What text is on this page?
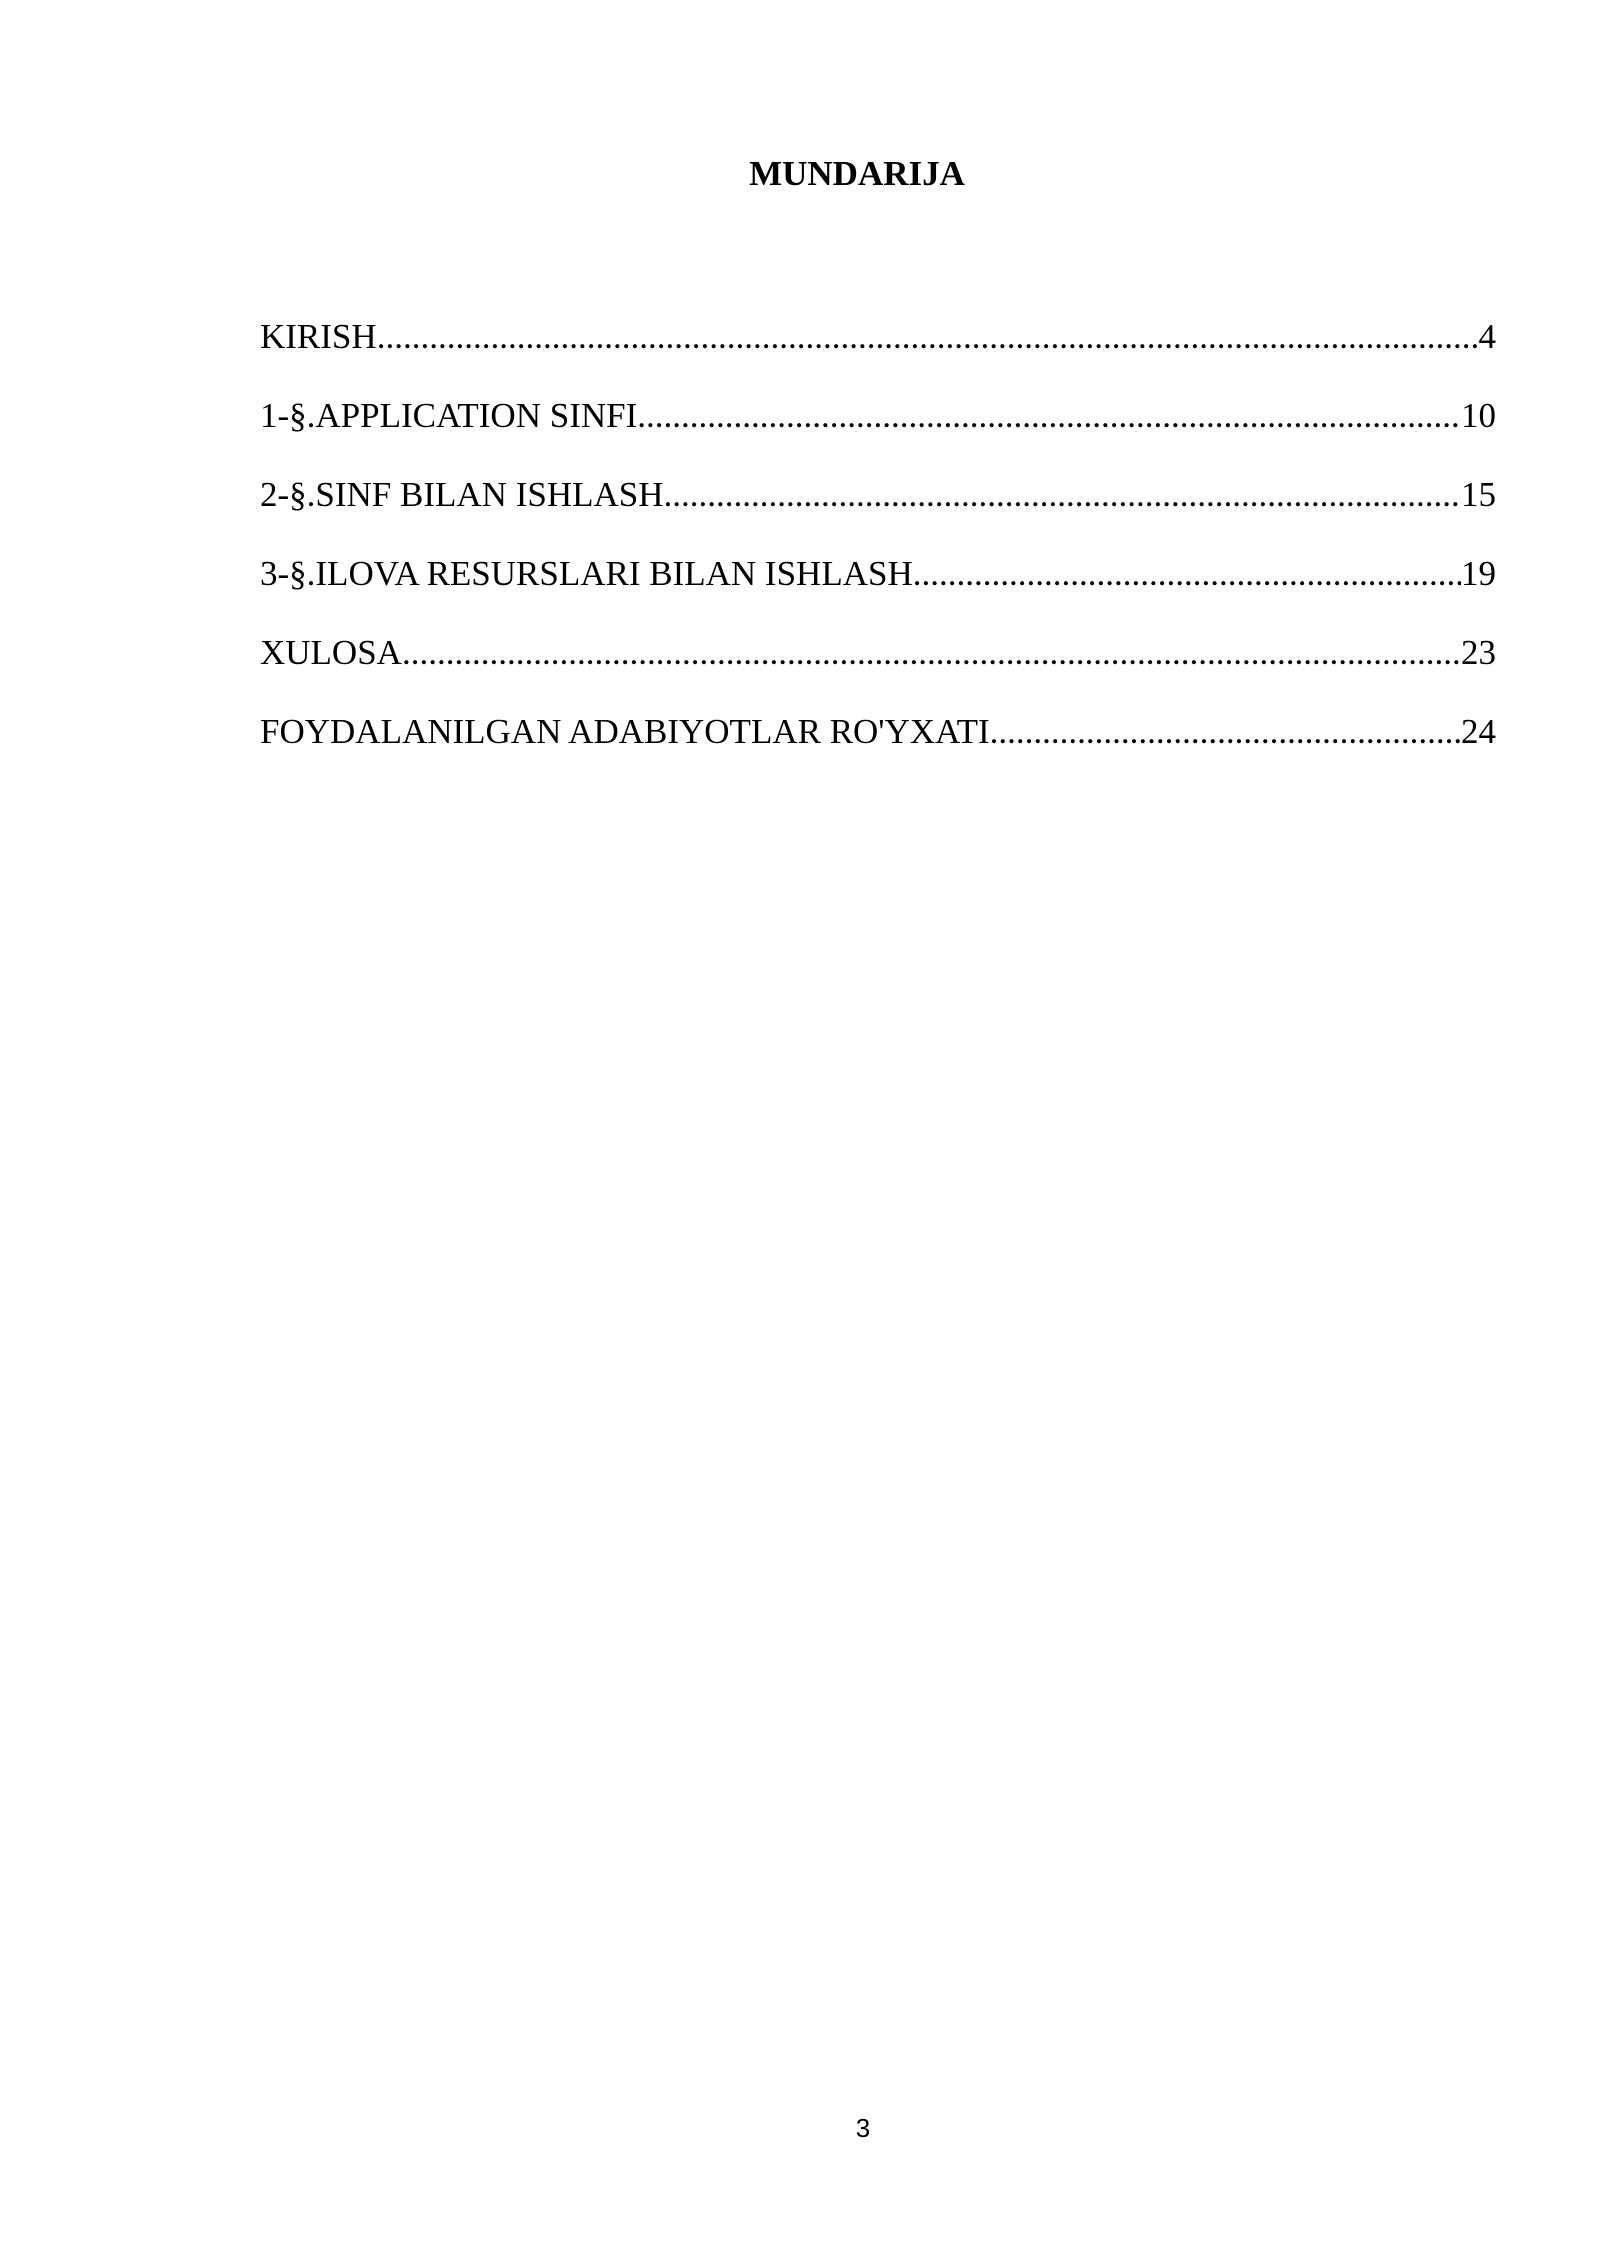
MUNDARIJA
KIRISH .....	4
1-§.APPLICATION SINFI .....	10
2-§.SINF BILAN ISHLASH .....	15
3-§.ILOVA RESURSLARI BILAN ISHLASH .....	19
XULOSA .....	23
FOYDALANILGAN ADABIYOTLAR RO'YXATI .....	24
3
